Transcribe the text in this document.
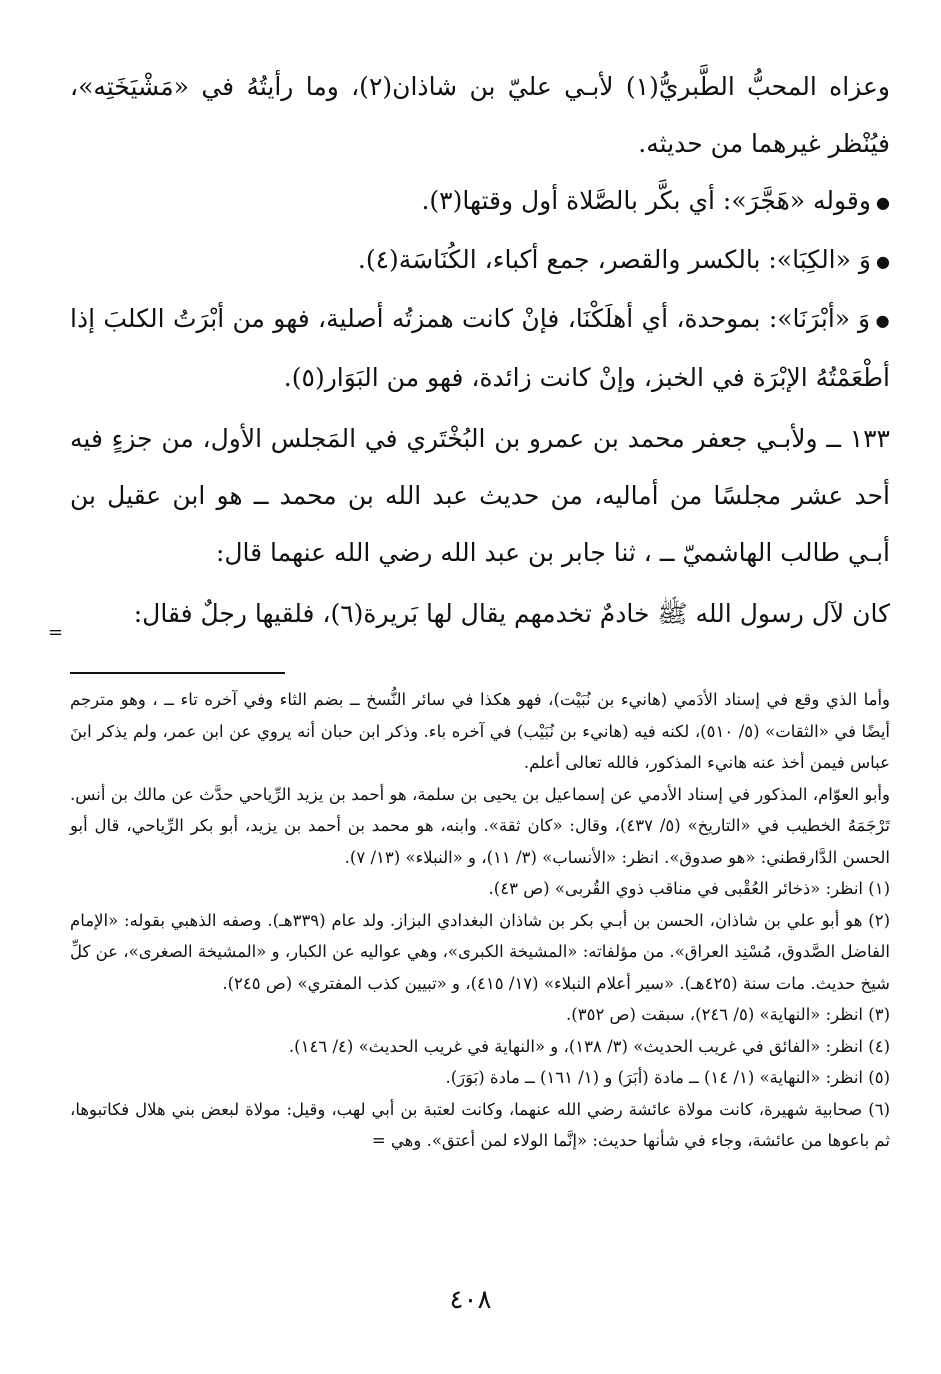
وعزاه المحبُّ الطَّبريُّ(١) لأبـي عليّ بن شاذان(٢)، وما رأيتُهُ في «مَشْيَخَتِه»، فيُنْظر غيرهما من حديثه.

● وقوله «هَجَّرَ»: أي بكَّر بالصَّلاة أول وقتها(٣).

● وَ «الكِبَا»: بالكسر والقصر، جمع أكباء، الكُنَاسَة(٤).

● وَ «أبْرَنَا»: بموحدة، أي أهلَكْنَا، فإنْ كانت همزتُه أصلية، فهو من أبْرَتُ الكلبَ إذا أطْعَمْتُهُ الإبْرَة في الخبز، وإنْ كانت زائدة، فهو من البَوَار(٥).

١٣٣ ــ ولأبـي جعفر محمد بن عمرو بن البُخْتَري في المَجلس الأول، من جزءٍ فيه أحد عشر مجلسًا من أماليه، من حديث عبد الله بن محمد ــ هو ابن عقيل بن أبـي طالب الهاشميّ ــ ، ثنا جابر بن عبد الله رضي الله عنهما قال:

كان لآل رسول الله ﷺ خادمٌ تخدمهم يقال لها بَريرة(٦)، فلقيها رجلٌ فقال:

وأما الذي وقع في إسناد الأدَمي (هانيء بن نُبَيْت)، فهو هكذا في سائر النُّسخ ــ بضم الثاء وفي آخره تاء ــ ، وهو مترجم أيضًا في «الثقات» (٥/ ٥١٠)، لكنه فيه (هانيء بن نُبَيْب) في آخره باء. وذكر ابن حبان أنه يروي عن ابن عمر، ولم يذكر ابنَ عباس فيمن أخذ عنه هانيء المذكور، فالله تعالى أعلم.

وأبو العوّام، المذكور في إسناد الأدمي عن إسماعيل بن يحيى بن سلمة، هو أحمد بن يزيد الرِّياحي حدَّث عن مالك بن أنس. تَرْجَمَهُ الخطيب في «التاريخ» (٥/ ٤٣٧)، وقال: «كان ثقة». وابنه، هو محمد بن أحمد بن يزيد، أبو بكر الرِّياحي، قال أبو الحسن الدَّارقطني: «هو صدوق». انظر: «الأنساب» (٣/ ١١)، و «النبلاء» (١٣/ ٧).

(١) انظر: «ذخائر العُقْبى في مناقب ذوي القُربى» (ص ٤٣).

(٢) هو أبو علي بن شاذان، الحسن بن أبـي بكر بن شاذان البغدادي البزاز. ولد عام (٣٣٩هـ). وصفه الذهبي بقوله: «الإمام الفاضل الصَّدوق، مُسْنِد العراق». من مؤلفاته: «المشيخة الكبرى»، وهي عواليه عن الكبار، و «المشيخة الصغرى»، عن كلِّ شيخ حديث. مات سنة (٤٢٥هـ). «سير أعلام النبلاء» (١٧/ ٤١٥)، و «تبيين كذب المفتري» (ص ٢٤٥).

(٣) انظر: «النهاية» (٥/ ٢٤٦)، سبقت (ص ٣٥٢).

(٤) انظر: «الفائق في غريب الحديث» (٣/ ١٣٨)، و «النهاية في غريب الحديث» (٤/ ١٤٦).

(٥) انظر: «النهاية» (١/ ١٤) ــ مادة (أبَرَ) و (١/ ١٦١) ــ مادة (بَوَرَ).

(٦) صحابية شهيرة، كانت مولاة عائشة رضي الله عنهما، وكانت لعتبة بن أبي لهب، وقيل: مولاة لبعض بني هلال فكاتبوها، ثم باعوها من عائشة، وجاء في شأنها حديث: «إنَّما الولاء لمن أعتق». وهي =

=
٤٠٨
